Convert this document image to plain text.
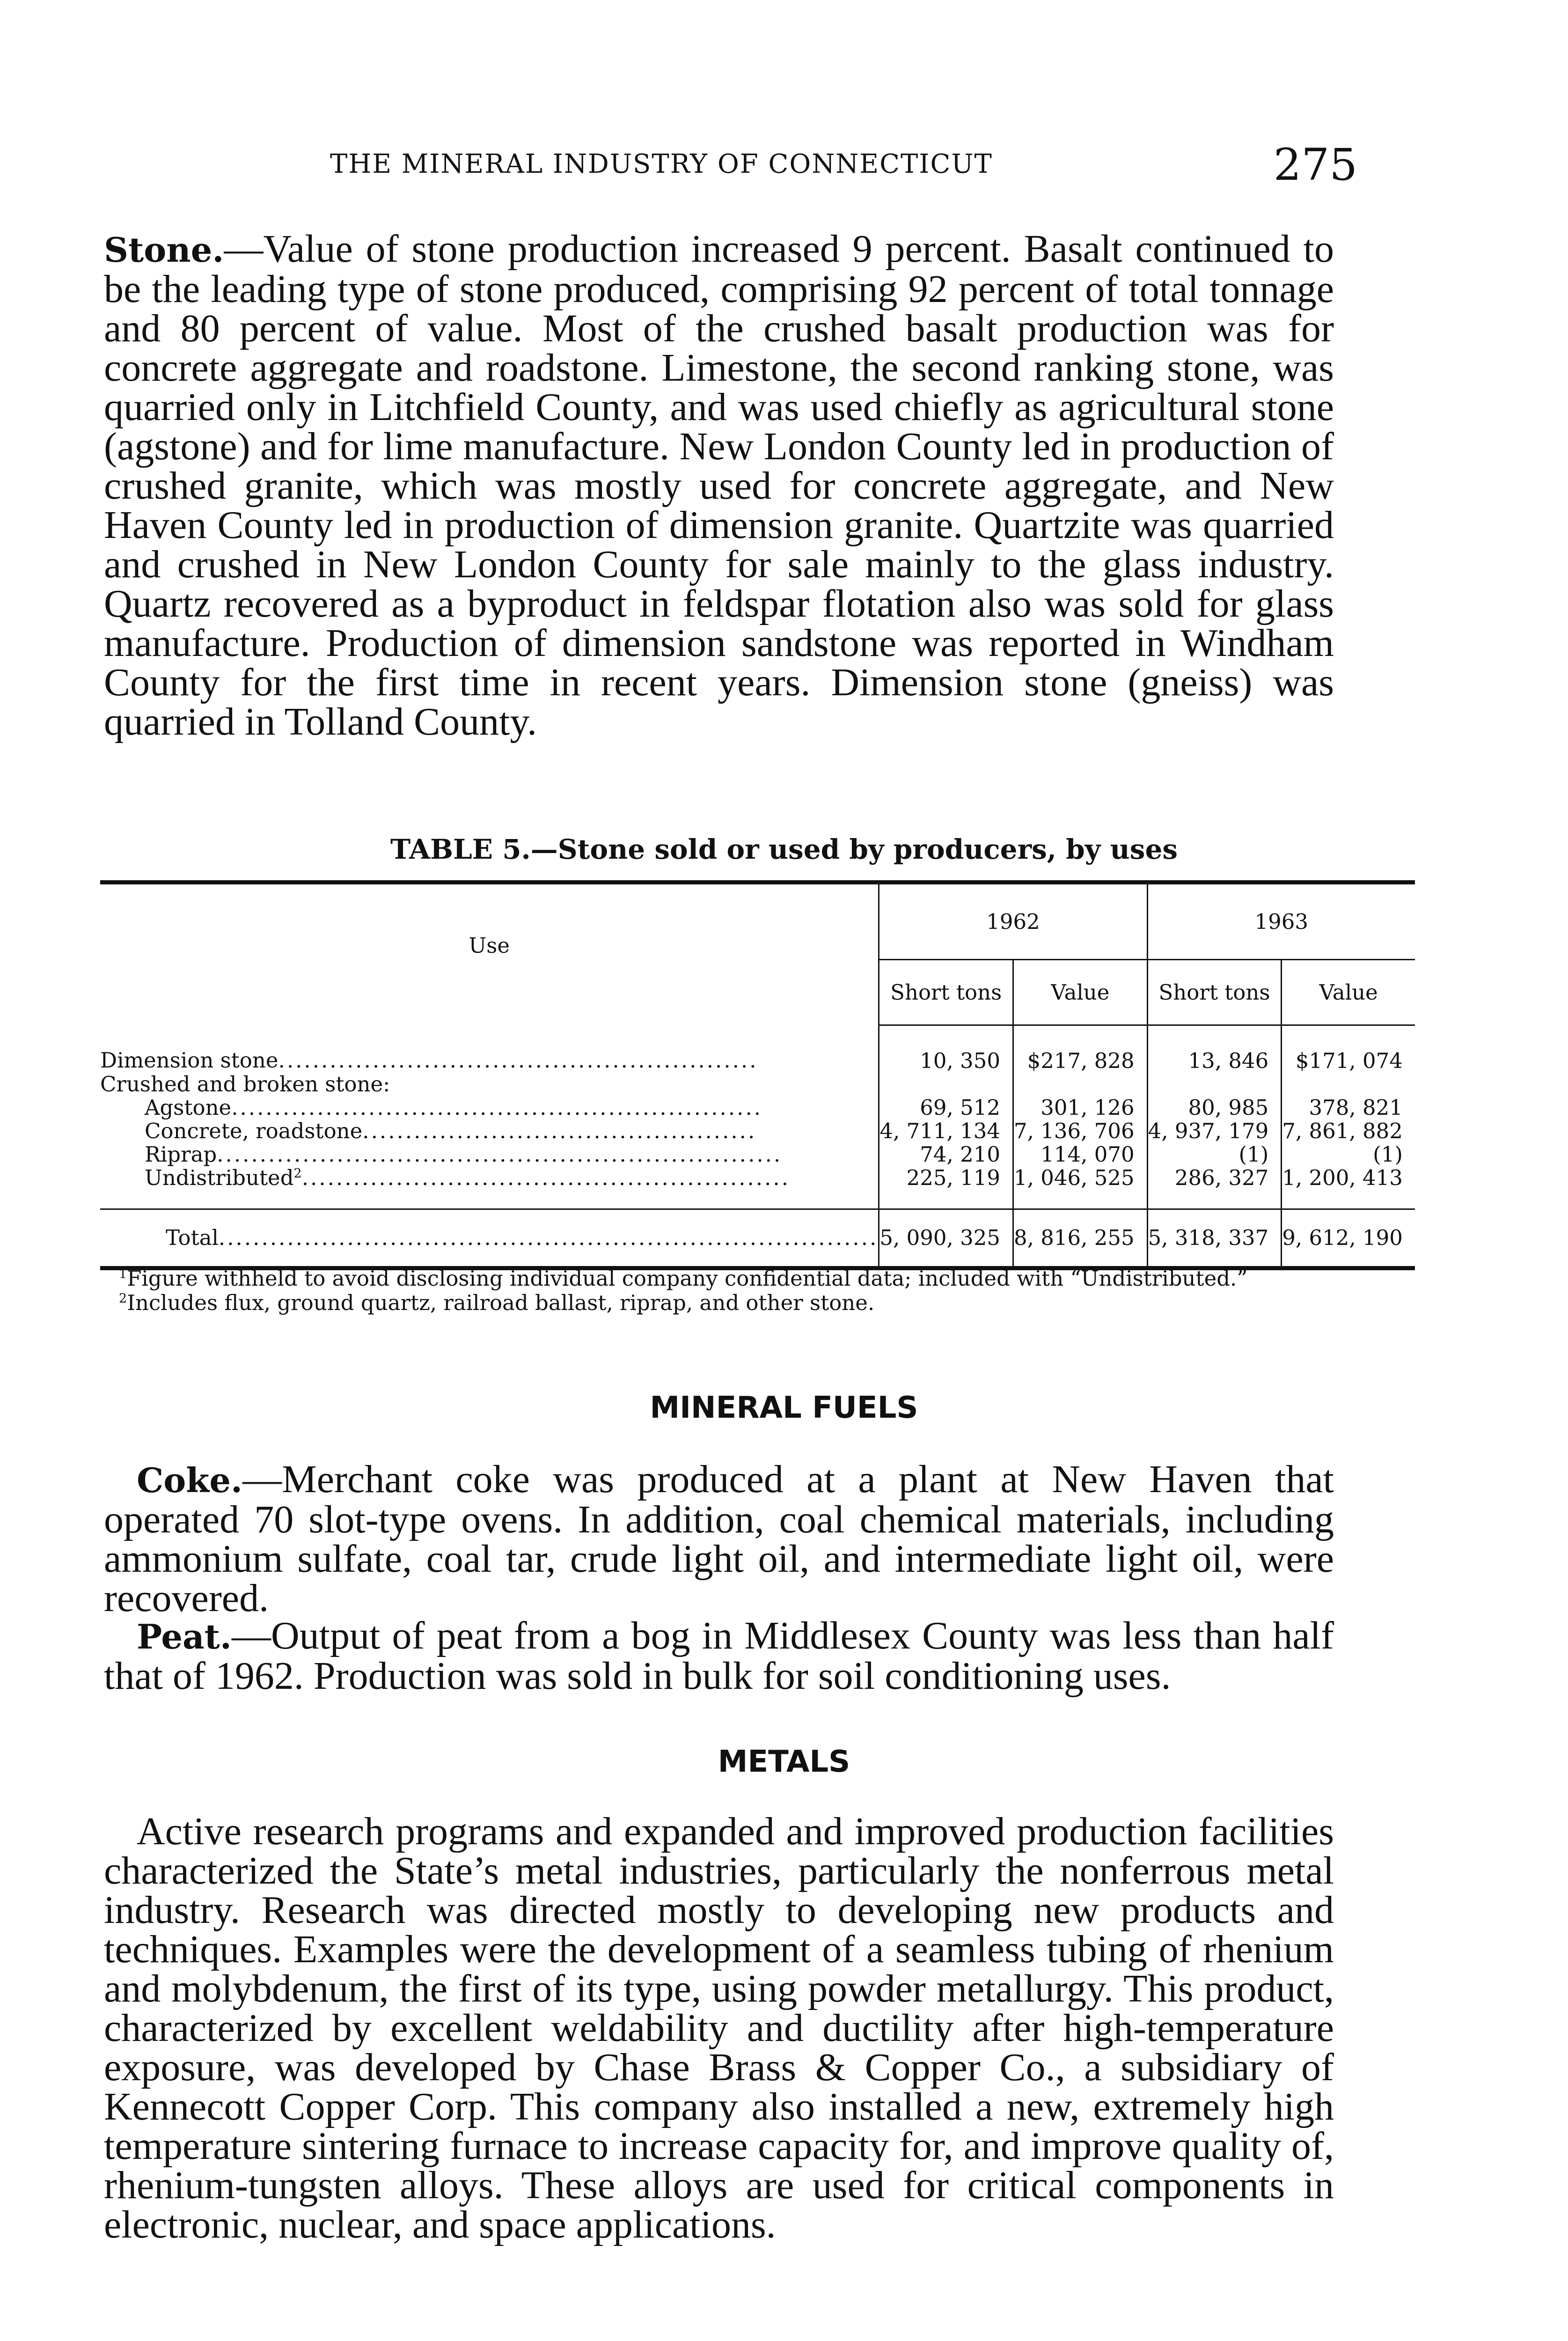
THE MINERAL INDUSTRY OF CONNECTICUT	275

Stone.—Value of stone production increased 9 percent. Basalt continued to be the leading type of stone produced, comprising 92 percent of total tonnage and 80 percent of value. Most of the crushed basalt production was for concrete aggregate and roadstone. Limestone, the second ranking stone, was quarried only in Litchfield County, and was used chiefly as agricultural stone (agstone) and for lime manufacture. New London County led in production of crushed granite, which was mostly used for concrete aggregate, and New Haven County led in production of dimension granite. Quartzite was quarried and crushed in New London County for sale mainly to the glass industry. Quartz recovered as a byproduct in feldspar flotation also was sold for glass manufacture. Production of dimension sandstone was reported in Windham County for the first time in recent years. Dimension stone (gneiss) was quarried in Tolland County.

TABLE 5.—Stone sold or used by producers, by uses
Use	1962		1963	
	Short tons	Value	Short tons	Value
Dimension stone........................................................	10, 350	$217, 828	13, 846	$171, 074
Crushed and broken stone:				
Agstone..............................................................	69, 512	301, 126	80, 985	378, 821
Concrete, roadstone..............................................	4, 711, 134	7, 136, 706	4, 937, 179	7, 861, 882
Riprap..................................................................	74, 210	114, 070	(1)	(1)
Undistributed$^2$.........................................................	225, 119	1, 046, 525	286, 327	1, 200, 413
Total.............................................................................	5, 090, 325	8, 816, 255	5, 318, 337	9, 612, 190

$^1$Figure withheld to avoid disclosing individual company confidential data; included with “Undistributed.”

$^2$Includes flux, ground quartz, railroad ballast, riprap, and other stone.

MINERAL FUELS

Coke.—Merchant coke was produced at a plant at New Haven that operated 70 slot-type ovens. In addition, coal chemical materials, including ammonium sulfate, coal tar, crude light oil, and intermediate light oil, were recovered.

Peat.—Output of peat from a bog in Middlesex County was less than half that of 1962. Production was sold in bulk for soil conditioning uses.

METALS

Active research programs and expanded and improved production facilities characterized the State’s metal industries, particularly the nonferrous metal industry. Research was directed mostly to developing new products and techniques. Examples were the development of a seamless tubing of rhenium and molybdenum, the first of its type, using powder metallurgy. This product, characterized by excellent weldability and ductility after high-temperature exposure, was developed by Chase Brass & Copper Co., a subsidiary of Kennecott Copper Corp. This company also installed a new, extremely high temperature sintering furnace to increase capacity for, and improve quality of, rhenium-tungsten alloys. These alloys are used for critical components in electronic, nuclear, and space applications.
